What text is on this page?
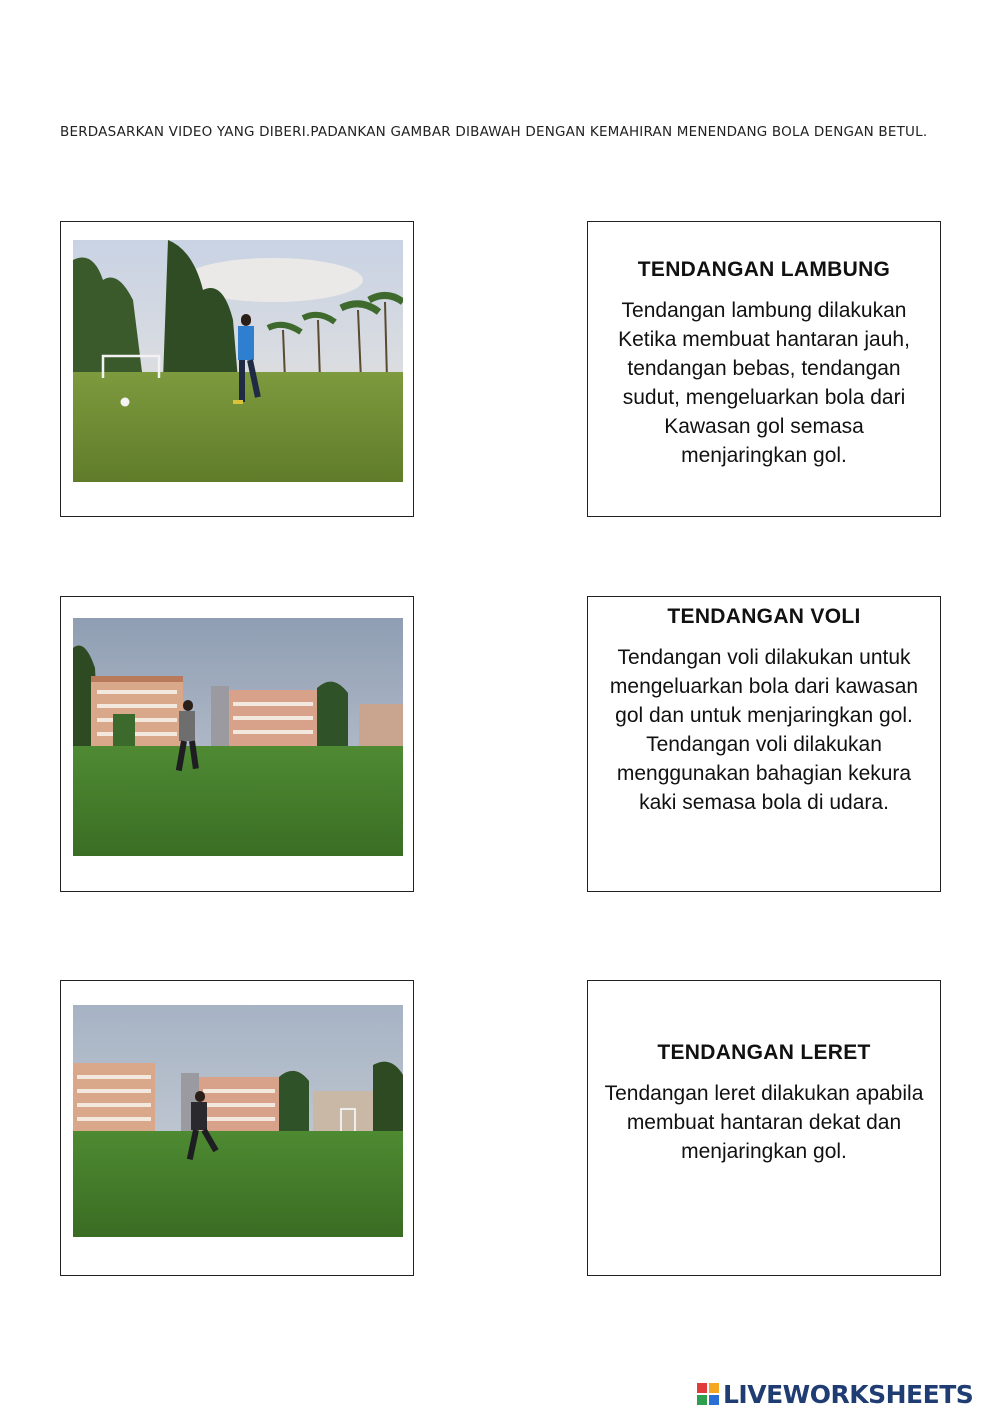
BERDASARKAN VIDEO YANG DIBERI.PADANKAN GAMBAR DIBAWAH DENGAN KEMAHIRAN MENENDANG BOLA DENGAN BETUL.
TENDANGAN LAMBUNG

Tendangan lambung dilakukan Ketika membuat hantaran jauh, tendangan bebas, tendangan sudut, mengeluarkan bola dari Kawasan gol semasa menjaringkan gol.

TENDANGAN VOLI

Tendangan voli dilakukan untuk mengeluarkan bola dari kawasan gol dan untuk menjaringkan gol. Tendangan voli dilakukan menggunakan bahagian kekura kaki semasa bola di udara.

TENDANGAN LERET

Tendangan leret dilakukan apabila membuat hantaran dekat dan menjaringkan gol.

LIVEWORKSHEETS
